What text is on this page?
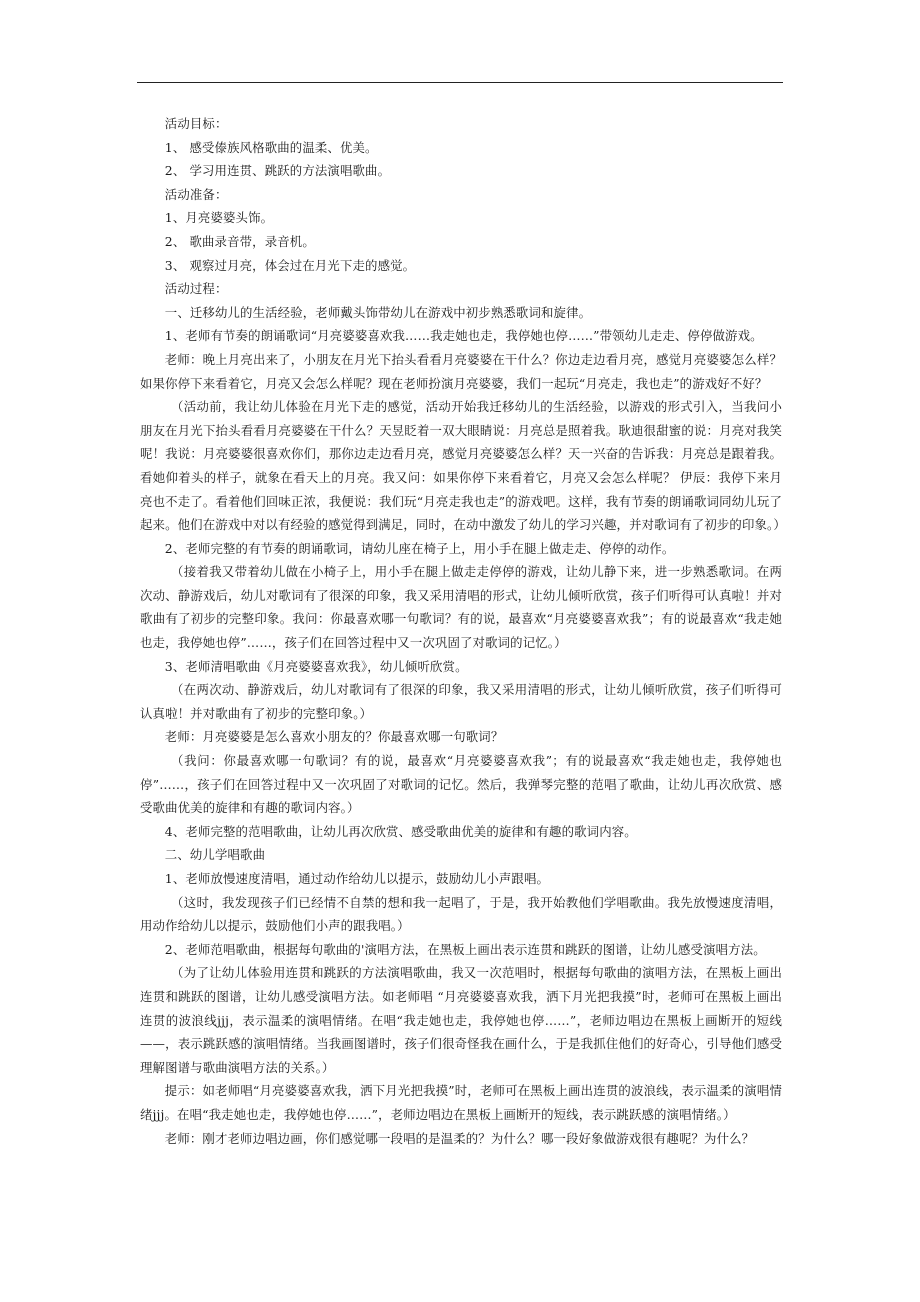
活动目标：

1、 感受傣族风格歌曲的温柔、优美。

2、 学习用连贯、跳跃的方法演唱歌曲。

活动准备：

1、月亮婆婆头饰。

2、 歌曲录音带，录音机。

3、 观察过月亮，体会过在月光下走的感觉。

活动过程：

一、迁移幼儿的生活经验，老师戴头饰带幼儿在游戏中初步熟悉歌词和旋律。

1、老师有节奏的朗诵歌词“月亮婆婆喜欢我……我走她也走，我停她也停……”带领幼儿走走、停停做游戏。

老师：晚上月亮出来了，小朋友在月光下抬头看看月亮婆婆在干什么？你边走边看月亮，感觉月亮婆婆怎么样？如果你停下来看着它，月亮又会怎么样呢？现在老师扮演月亮婆婆，我们一起玩“月亮走，我也走”的游戏好不好？

（活动前，我让幼儿体验在月光下走的感觉，活动开始我迁移幼儿的生活经验，以游戏的形式引入，当我问小朋友在月光下抬头看看月亮婆婆在干什么？天昱眨着一双大眼睛说：月亮总是照着我。耿迪很甜蜜的说：月亮对我笑呢！我说：月亮婆婆很喜欢你们，那你边走边看月亮，感觉月亮婆婆怎么样？天一兴奋的告诉我：月亮总是跟着我。看她仰着头的样子，就象在看天上的月亮。我又问：如果你停下来看着它，月亮又会怎么样呢？ 伊辰：我停下来月亮也不走了。看着他们回味正浓，我便说：我们玩“月亮走我也走”的游戏吧。这样，我有节奏的朗诵歌词同幼儿玩了起来。他们在游戏中对以有经验的感觉得到满足，同时，在动中激发了幼儿的学习兴趣，并对歌词有了初步的印象。）

2、老师完整的有节奏的朗诵歌词，请幼儿座在椅子上，用小手在腿上做走走、停停的动作。

（接着我又带着幼儿做在小椅子上，用小手在腿上做走走停停的游戏，让幼儿静下来，进一步熟悉歌词。在两次动、静游戏后，幼儿对歌词有了很深的印象，我又采用清唱的形式，让幼儿倾听欣赏，孩子们听得可认真啦！并对歌曲有了初步的完整印象。我问：你最喜欢哪一句歌词？有的说，最喜欢“月亮婆婆喜欢我”；有的说最喜欢“我走她也走，我停她也停”……，孩子们在回答过程中又一次巩固了对歌词的记忆。）

3、老师清唱歌曲《月亮婆婆喜欢我》，幼儿倾听欣赏。

（在两次动、静游戏后，幼儿对歌词有了很深的印象，我又采用清唱的形式，让幼儿倾听欣赏，孩子们听得可认真啦！并对歌曲有了初步的完整印象。）

老师：月亮婆婆是怎么喜欢小朋友的？你最喜欢哪一句歌词？

（我问：你最喜欢哪一句歌词？有的说，最喜欢“月亮婆婆喜欢我”；有的说最喜欢“我走她也走，我停她也停”……，孩子们在回答过程中又一次巩固了对歌词的记忆。然后，我弹琴完整的范唱了歌曲，让幼儿再次欣赏、感受歌曲优美的旋律和有趣的歌词内容。）

4、老师完整的范唱歌曲，让幼儿再次欣赏、感受歌曲优美的旋律和有趣的歌词内容。

二、幼儿学唱歌曲

1、老师放慢速度清唱，通过动作给幼儿以提示，鼓励幼儿小声跟唱。

（这时，我发现孩子们已经情不自禁的想和我一起唱了，于是，我开始教他们学唱歌曲。我先放慢速度清唱，用动作给幼儿以提示，鼓励他们小声的跟我唱。）

2、老师范唱歌曲，根据每句歌曲的'演唱方法，在黑板上画出表示连贯和跳跃的图谱，让幼儿感受演唱方法。

（为了让幼儿体验用连贯和跳跃的方法演唱歌曲，我又一次范唱时，根据每句歌曲的演唱方法，在黑板上画出连贯和跳跃的图谱，让幼儿感受演唱方法。如老师唱 “月亮婆婆喜欢我，洒下月光把我摸”时，老师可在黑板上画出连贯的波浪线jjj，表示温柔的演唱情绪。在唱“我走她也走，我停她也停……”，老师边唱边在黑板上画断开的短线——，表示跳跃感的演唱情绪。当我画图谱时，孩子们很奇怪我在画什么，于是我抓住他们的好奇心，引导他们感受理解图谱与歌曲演唱方法的关系。）

提示：如老师唱“月亮婆婆喜欢我，洒下月光把我摸”时，老师可在黑板上画出连贯的波浪线，表示温柔的演唱情绪jjj。在唱“我走她也走，我停她也停……”，老师边唱边在黑板上画断开的短线，表示跳跃感的演唱情绪。）

老师：刚才老师边唱边画，你们感觉哪一段唱的是温柔的？为什么？哪一段好象做游戏很有趣呢？为什么？
